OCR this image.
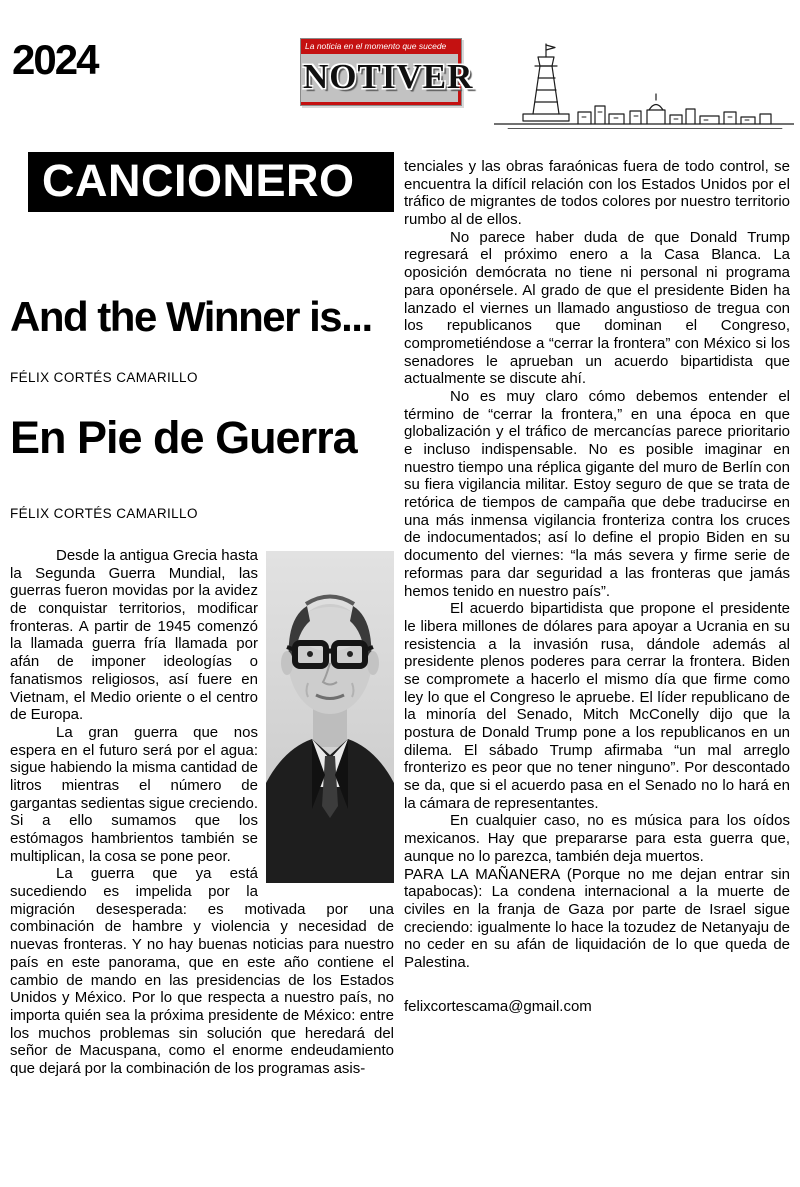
2024	La noticia en el momento que sucede
NOTIVER
CANCIONERO
And the Winner is...
FÉLIX CORTÉS CAMARILLO
En Pie de Guerra
FÉLIX CORTÉS CAMARILLO

Desde la antigua Grecia hasta la Segunda Guerra Mundial, las guerras fueron movidas por la avidez de conquistar territorios, modificar fronteras. A partir de 1945 comenzó la llamada guerra fría llamada por afán de imponer ideologías o fanatismos religiosos, así fuere en Vietnam, el Medio oriente o el centro de Europa.

La gran guerra que nos espera en el futuro será por el agua: sigue habiendo la misma cantidad de litros mientras el número de gargantas sedientas sigue creciendo. Si a ello sumamos que los estómagos hambrientos también se multiplican, la cosa se pone peor.

La guerra que ya está sucediendo es impelida por la migración desesperada: es motivada por una combinación de hambre y violencia y necesidad de nuevas fronteras. Y no hay buenas noticias para nuestro país en este panorama, que en este año contiene el cambio de mando en las presidencias de los Estados Unidos y México. Por lo que respecta a nuestro país, no importa quién sea la próxima presidente de México: entre los muchos problemas sin solución que heredará del señor de Macuspana, como el enorme endeudamiento que dejará por la combinación de los programas asis-

tenciales y las obras faraónicas fuera de todo control, se encuentra la difícil relación con los Estados Unidos por el tráfico de migrantes de todos colores por nuestro territorio rumbo al de ellos.

No parece haber duda de que Donald Trump regresará el próximo enero a la Casa Blanca. La oposición demócrata no tiene ni personal ni programa para oponérsele. Al grado de que el presidente Biden ha lanzado el viernes un llamado angustioso de tregua con los republicanos que dominan el Congreso, comprometiéndose a “cerrar la frontera” con México si los senadores le aprueban un acuerdo bipartidista que actualmente se discute ahí.

No es muy claro cómo debemos entender el término de “cerrar la frontera,” en una época en que globalización y el tráfico de mercancías parece prioritario e incluso indispensable. No es posible imaginar en nuestro tiempo una réplica gigante del muro de Berlín con su fiera vigilancia militar. Estoy seguro de que se trata de retórica de tiempos de campaña que debe traducirse en una más inmensa vigilancia fronteriza contra los cruces de indocumentados; así lo define el propio Biden en su documento del viernes: “la más severa y firme serie de reformas para dar seguridad a las fronteras que jamás hemos tenido en nuestro país”.

El acuerdo bipartidista que propone el presidente le libera millones de dólares para apoyar a Ucrania en su resistencia a la invasión rusa, dándole además al presidente plenos poderes para cerrar la frontera. Biden se compromete a hacerlo el mismo día que firme como ley lo que el Congreso le apruebe. El líder republicano de la minoría del Senado, Mitch McConelly dijo que la postura de Donald Trump pone a los republicanos en un dilema. El sábado Trump afirmaba “un mal arreglo fronterizo es peor que no tener ninguno”. Por descontado se da, que si el acuerdo pasa en el Senado no lo hará en la cámara de representantes.

En cualquier caso, no es música para los oídos mexicanos. Hay que prepararse para esta guerra que, aunque no lo parezca, también deja muertos.

PARA LA MAÑANERA (Porque no me dejan entrar sin tapabocas): La condena internacional a la muerte de civiles en la franja de Gaza por parte de Israel sigue creciendo: igualmente lo hace la tozudez de Netanyaju de no ceder en su afán de liquidación de lo que queda de Palestina.

felixcortescama@gmail.com
